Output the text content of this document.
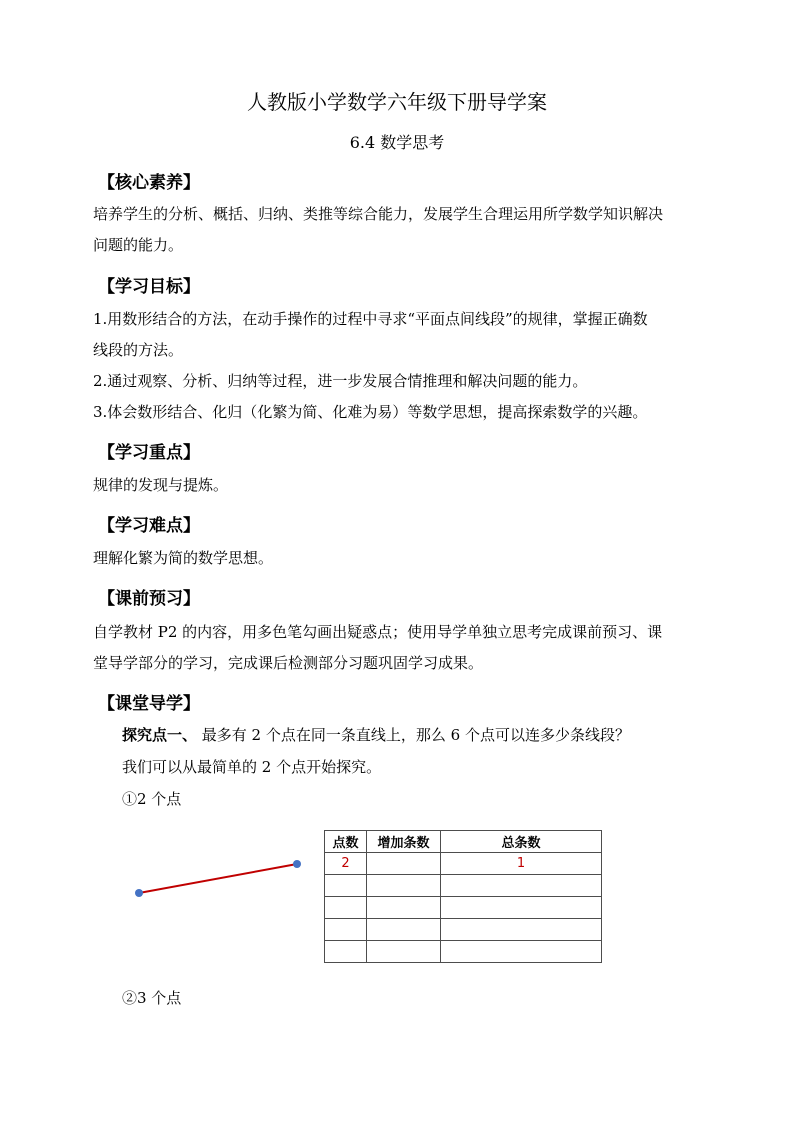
人教版小学数学六年级下册导学案
6.4 数学思考
【核心素养】
培养学生的分析、概括、归纳、类推等综合能力，发展学生合理运用所学数学知识解决
问题的能力。
【学习目标】
1.用数形结合的方法，在动手操作的过程中寻求“平面点间线段”的规律，掌握正确数
线段的方法。
2.通过观察、分析、归纳等过程，进一步发展合情推理和解决问题的能力。
3.体会数形结合、化归（化繁为简、化难为易）等数学思想，提高探索数学的兴趣。
【学习重点】
规律的发现与提炼。
【学习难点】
理解化繁为简的数学思想。
【课前预习】
自学教材 P2 的内容，用多色笔勾画出疑惑点；使用导学单独立思考完成课前预习、课
堂导学部分的学习，完成课后检测部分习题巩固学习成果。
【课堂导学】
探究点一、 最多有 2 个点在同一条直线上，那么 6 个点可以连多少条线段？
我们可以从最简单的 2 个点开始探究。
①2 个点
点数	增加条数	总条数
2		1

②3 个点
